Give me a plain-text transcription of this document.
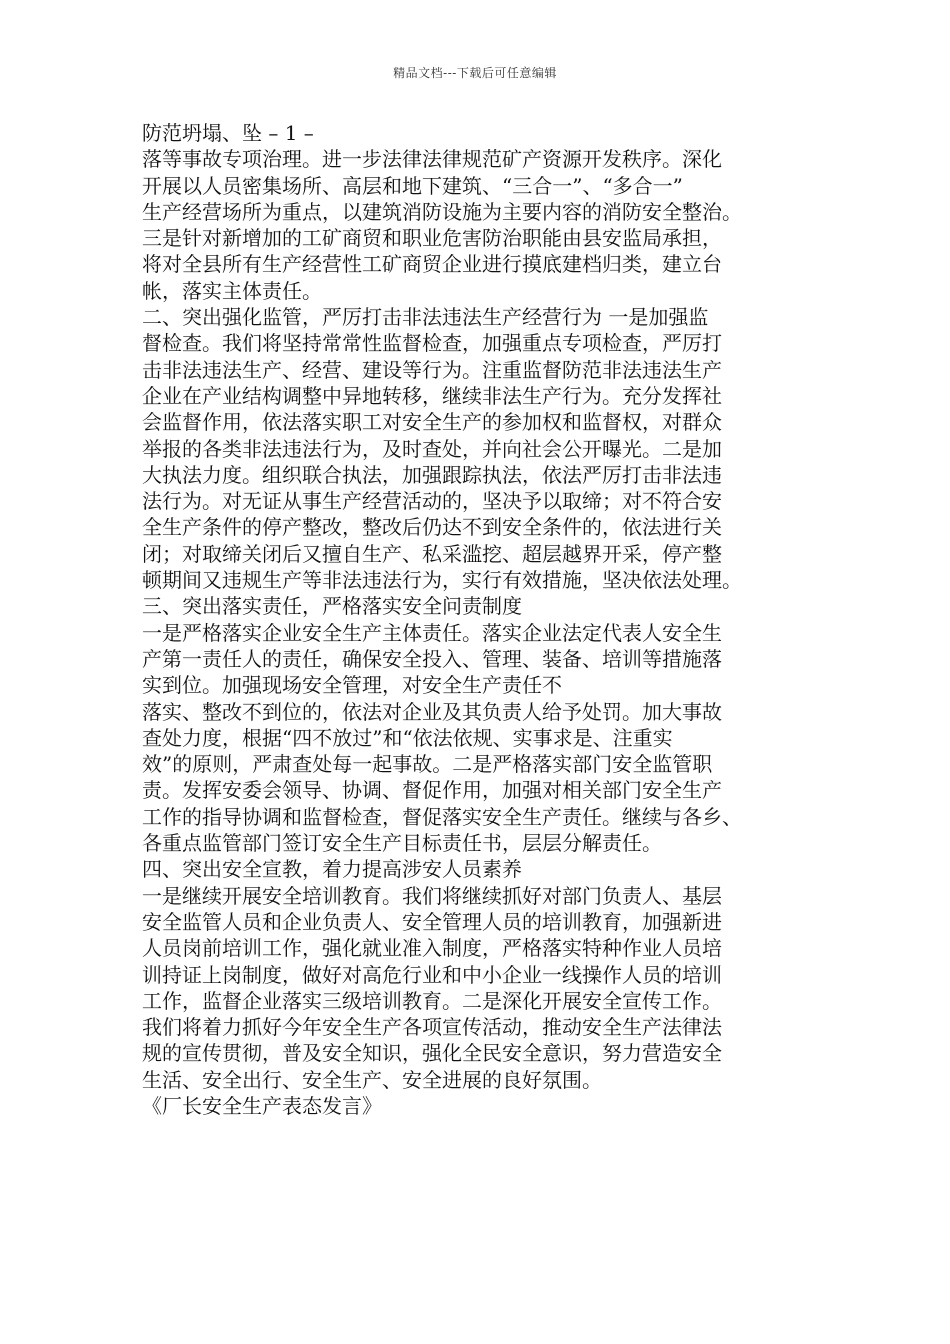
精品文档---下载后可任意编辑
防范坍塌、坠 – 1 –
落等事故专项治理。进一步法律法律规范矿产资源开发秩序。深化
开展以人员密集场所、高层和地下建筑、“三合一”、“多合一”
生产经营场所为重点，以建筑消防设施为主要内容的消防安全整治。
三是针对新增加的工矿商贸和职业危害防治职能由县安监局承担，
将对全县所有生产经营性工矿商贸企业进行摸底建档归类，建立台
帐，落实主体责任。
二、突出强化监管，严厉打击非法违法生产经营行为 一是加强监
督检查。我们将坚持常常性监督检查，加强重点专项检查，严厉打
击非法违法生产、经营、建设等行为。注重监督防范非法违法生产
企业在产业结构调整中异地转移，继续非法生产行为。充分发挥社
会监督作用，依法落实职工对安全生产的参加权和监督权，对群众
举报的各类非法违法行为，及时查处，并向社会公开曝光。二是加
大执法力度。组织联合执法，加强跟踪执法，依法严厉打击非法违
法行为。对无证从事生产经营活动的，坚决予以取缔；对不符合安
全生产条件的停产整改，整改后仍达不到安全条件的，依法进行关
闭；对取缔关闭后又擅自生产、私采滥挖、超层越界开采，停产整
顿期间又违规生产等非法违法行为，实行有效措施，坚决依法处理。
三、突出落实责任，严格落实安全问责制度
一是严格落实企业安全生产主体责任。落实企业法定代表人安全生
产第一责任人的责任，确保安全投入、管理、装备、培训等措施落
实到位。加强现场安全管理，对安全生产责任不
落实、整改不到位的，依法对企业及其负责人给予处罚。加大事故
查处力度，根据“四不放过”和“依法依规、实事求是、注重实
效”的原则，严肃查处每一起事故。二是严格落实部门安全监管职
责。发挥安委会领导、协调、督促作用，加强对相关部门安全生产
工作的指导协调和监督检查，督促落实安全生产责任。继续与各乡、
各重点监管部门签订安全生产目标责任书，层层分解责任。
四、突出安全宣教，着力提高涉安人员素养
一是继续开展安全培训教育。我们将继续抓好对部门负责人、基层
安全监管人员和企业负责人、安全管理人员的培训教育，加强新进
人员岗前培训工作，强化就业准入制度，严格落实特种作业人员培
训持证上岗制度，做好对高危行业和中小企业一线操作人员的培训
工作，监督企业落实三级培训教育。二是深化开展安全宣传工作。
我们将着力抓好今年安全生产各项宣传活动，推动安全生产法律法
规的宣传贯彻，普及安全知识，强化全民安全意识，努力营造安全
生活、安全出行、安全生产、安全进展的良好氛围。
《厂长安全生产表态发言》
